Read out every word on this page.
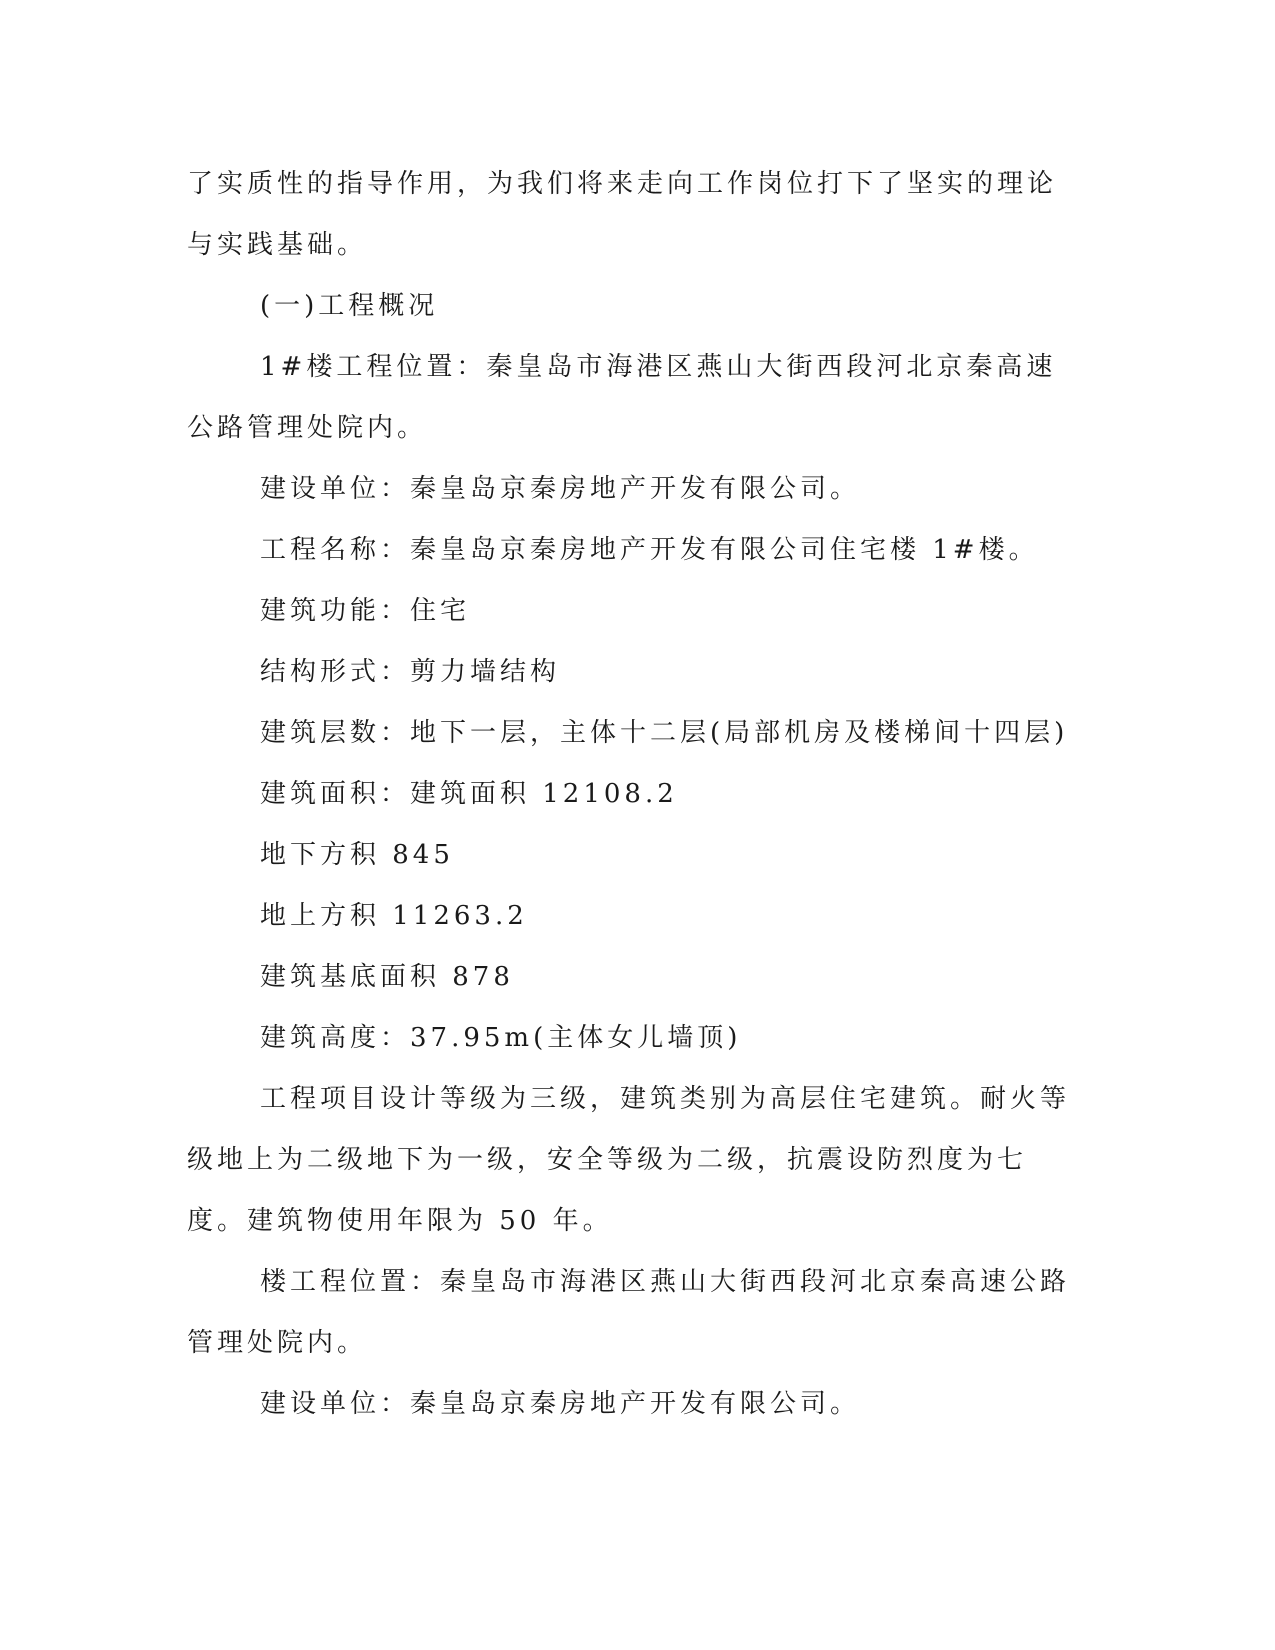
了实质性的指导作用，为我们将来走向工作岗位打下了坚实的理论与实践基础。

(一)工程概况

1#楼工程位置：秦皇岛市海港区燕山大街西段河北京秦高速公路管理处院内。

建设单位：秦皇岛京秦房地产开发有限公司。

工程名称：秦皇岛京秦房地产开发有限公司住宅楼 1#楼。

建筑功能：住宅

结构形式：剪力墙结构

建筑层数：地下一层，主体十二层(局部机房及楼梯间十四层)

建筑面积：建筑面积 12108.2

地下方积 845

地上方积 11263.2

建筑基底面积 878

建筑高度：37.95m(主体女儿墙顶)

工程项目设计等级为三级，建筑类别为高层住宅建筑。耐火等级地上为二级地下为一级，安全等级为二级，抗震设防烈度为七度。建筑物使用年限为 50 年。

楼工程位置：秦皇岛市海港区燕山大街西段河北京秦高速公路管理处院内。

建设单位：秦皇岛京秦房地产开发有限公司。
